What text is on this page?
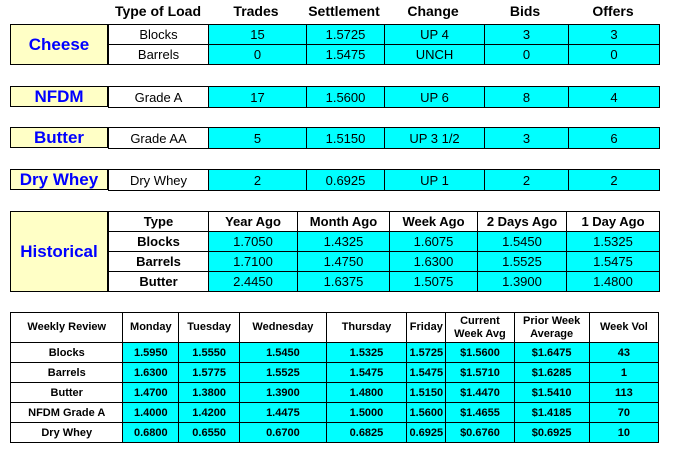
Type of Load	Trades	Settlement	Change	Bids	Offers
Cheese	Blocks	15	1.5725	UP 4	3	3
Barrels	0	1.5475	UNCH	0	0
NFDM	Grade A	17	1.5600	UP 6	8	4
Butter	Grade AA	5	1.5150	UP 3 1/2	3	6
Dry Whey	Dry Whey	2	0.6925	UP 1	2	2
Historical
Type	Year Ago	Month Ago	Week Ago	2 Days Ago	1 Day Ago
Blocks	1.7050	1.4325	1.6075	1.5450	1.5325
Barrels	1.7100	1.4750	1.6300	1.5525	1.5475
Butter	2.4450	1.6375	1.5075	1.3900	1.4800
Weekly Review	Monday	Tuesday	Wednesday	Thursday	Friday	Current Week Avg	Prior Week Average	Week Vol
Blocks	1.5950	1.5550	1.5450	1.5325	1.5725	$1.5600	$1.6475	43
Barrels	1.6300	1.5775	1.5525	1.5475	1.5475	$1.5710	$1.6285	1
Butter	1.4700	1.3800	1.3900	1.4800	1.5150	$1.4470	$1.5410	113
NFDM Grade A	1.4000	1.4200	1.4475	1.5000	1.5600	$1.4655	$1.4185	70
Dry Whey	0.6800	0.6550	0.6700	0.6825	0.6925	$0.6760	$0.6925	10
